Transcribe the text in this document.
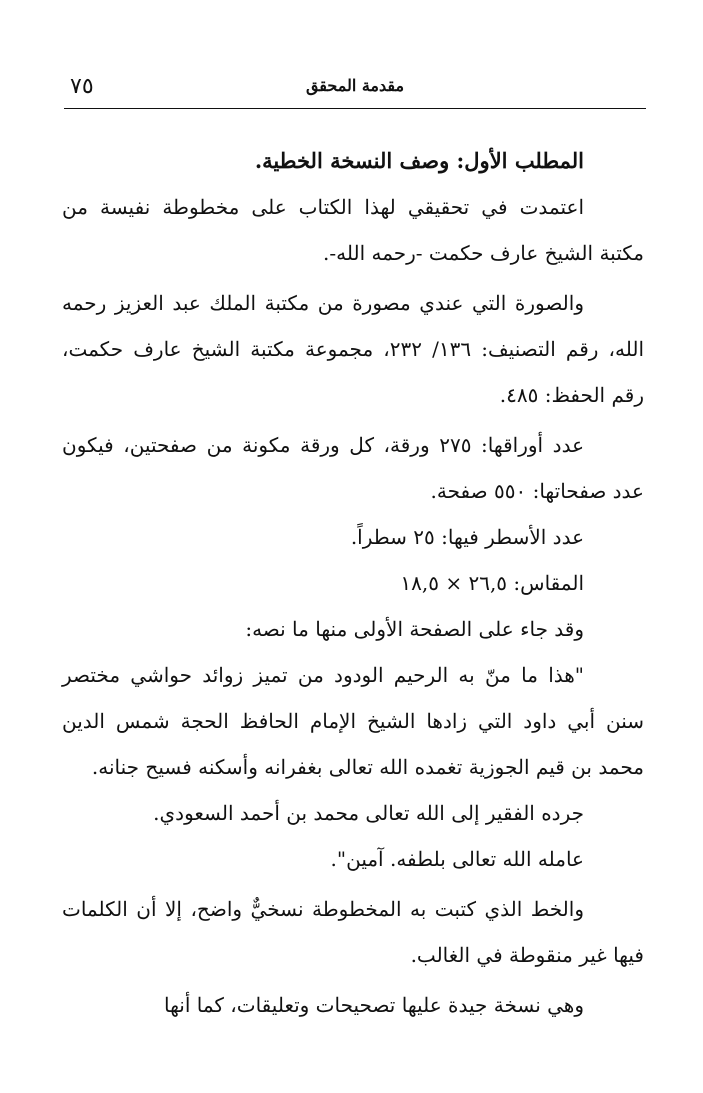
٧٥	مقدمة المحقق

المطلب الأول: وصف النسخة الخطية.

اعتمدت في تحقيقي لهذا الكتاب على مخطوطة نفيسة من مكتبة الشيخ عارف حكمت -رحمه الله-.

والصورة التي عندي مصورة من مكتبة الملك عبد العزيز رحمه الله، رقم التصنيف: ١٣٦/ ٢٣٢، مجموعة مكتبة الشيخ عارف حكمت، رقم الحفظ: ٤٨٥.

عدد أوراقها: ٢٧٥ ورقة، كل ورقة مكونة من صفحتين، فيكون عدد صفحاتها: ٥٥٠ صفحة.

عدد الأسطر فيها: ٢٥ سطراً.

المقاس: ٢٦,٥ × ١٨,٥

وقد جاء على الصفحة الأولى منها ما نصه:

"هذا ما منّ به الرحيم الودود من تميز زوائد حواشي مختصر سنن أبي داود التي زادها الشيخ الإمام الحافظ الحجة شمس الدين محمد بن قيم الجوزية تغمده الله تعالى بغفرانه وأسكنه فسيح جنانه.

جرده الفقير إلى الله تعالى محمد بن أحمد السعودي.

عامله الله تعالى بلطفه. آمين".

والخط الذي كتبت به المخطوطة نسخيٌّ واضح، إلا أن الكلمات فيها غير منقوطة في الغالب.

وهي نسخة جيدة عليها تصحيحات وتعليقات، كما أنها
